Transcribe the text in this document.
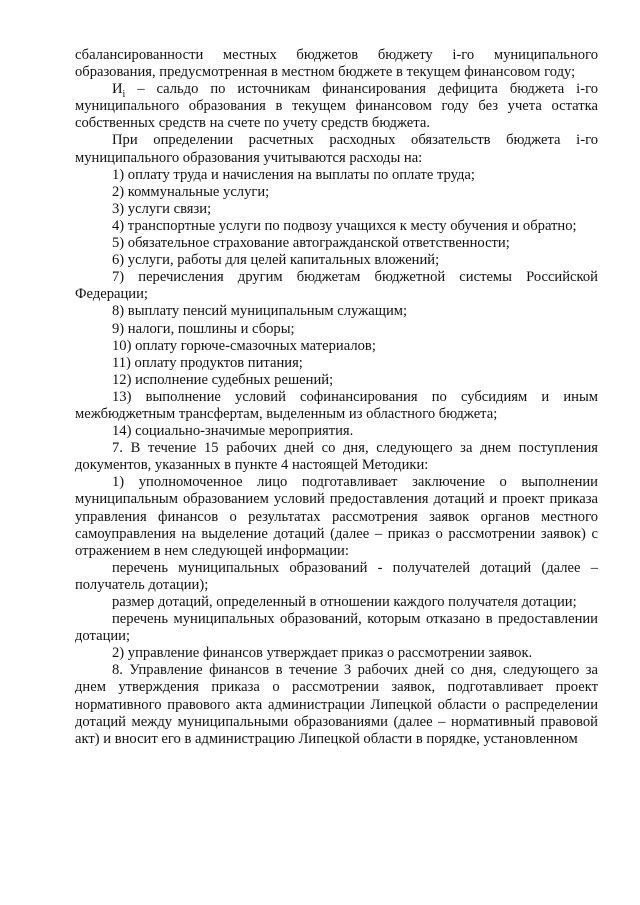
сбалансированности местных бюджетов бюджету i-го муниципального образования, предусмотренная в местном бюджете в текущем финансовом году;

$И_i$ – сальдо по источникам финансирования дефицита бюджета i-го муниципального образования в текущем финансовом году без учета остатка собственных средств на счете по учету средств бюджета.

При определении расчетных расходных обязательств бюджета i-го муниципального образования учитываются расходы на:

1) оплату труда и начисления на выплаты по оплате труда;

2) коммунальные услуги;

3) услуги связи;

4) транспортные услуги по подвозу учащихся к месту обучения и обратно;

5) обязательное страхование автогражданской ответственности;

6) услуги, работы для целей капитальных вложений;

7) перечисления другим бюджетам бюджетной системы Российской Федерации;

8) выплату пенсий муниципальным служащим;

9) налоги, пошлины и сборы;

10) оплату горюче-смазочных материалов;

11) оплату продуктов питания;

12) исполнение судебных решений;

13) выполнение условий софинансирования по субсидиям и иным межбюджетным трансфертам, выделенным из областного бюджета;

14) социально-значимые мероприятия.

7. В течение 15 рабочих дней со дня, следующего за днем поступления документов, указанных в пункте 4 настоящей Методики:

1) уполномоченное лицо подготавливает заключение о выполнении муниципальным образованием условий предоставления дотаций и проект приказа управления финансов о результатах рассмотрения заявок органов местного самоуправления на выделение дотаций (далее – приказ о рассмотрении заявок) с отражением в нем следующей информации:

перечень муниципальных образований - получателей дотаций (далее – получатель дотации);

размер дотаций, определенный в отношении каждого получателя дотации;

перечень муниципальных образований, которым отказано в предоставлении дотации;

2) управление финансов утверждает приказ о рассмотрении заявок.

8. Управление финансов в течение 3 рабочих дней со дня, следующего за днем утверждения приказа о рассмотрении заявок, подготавливает проект нормативного правового акта администрации Липецкой области о распределении дотаций между муниципальными образованиями (далее – нормативный правовой акт) и вносит его в администрацию Липецкой области в порядке, установленном
